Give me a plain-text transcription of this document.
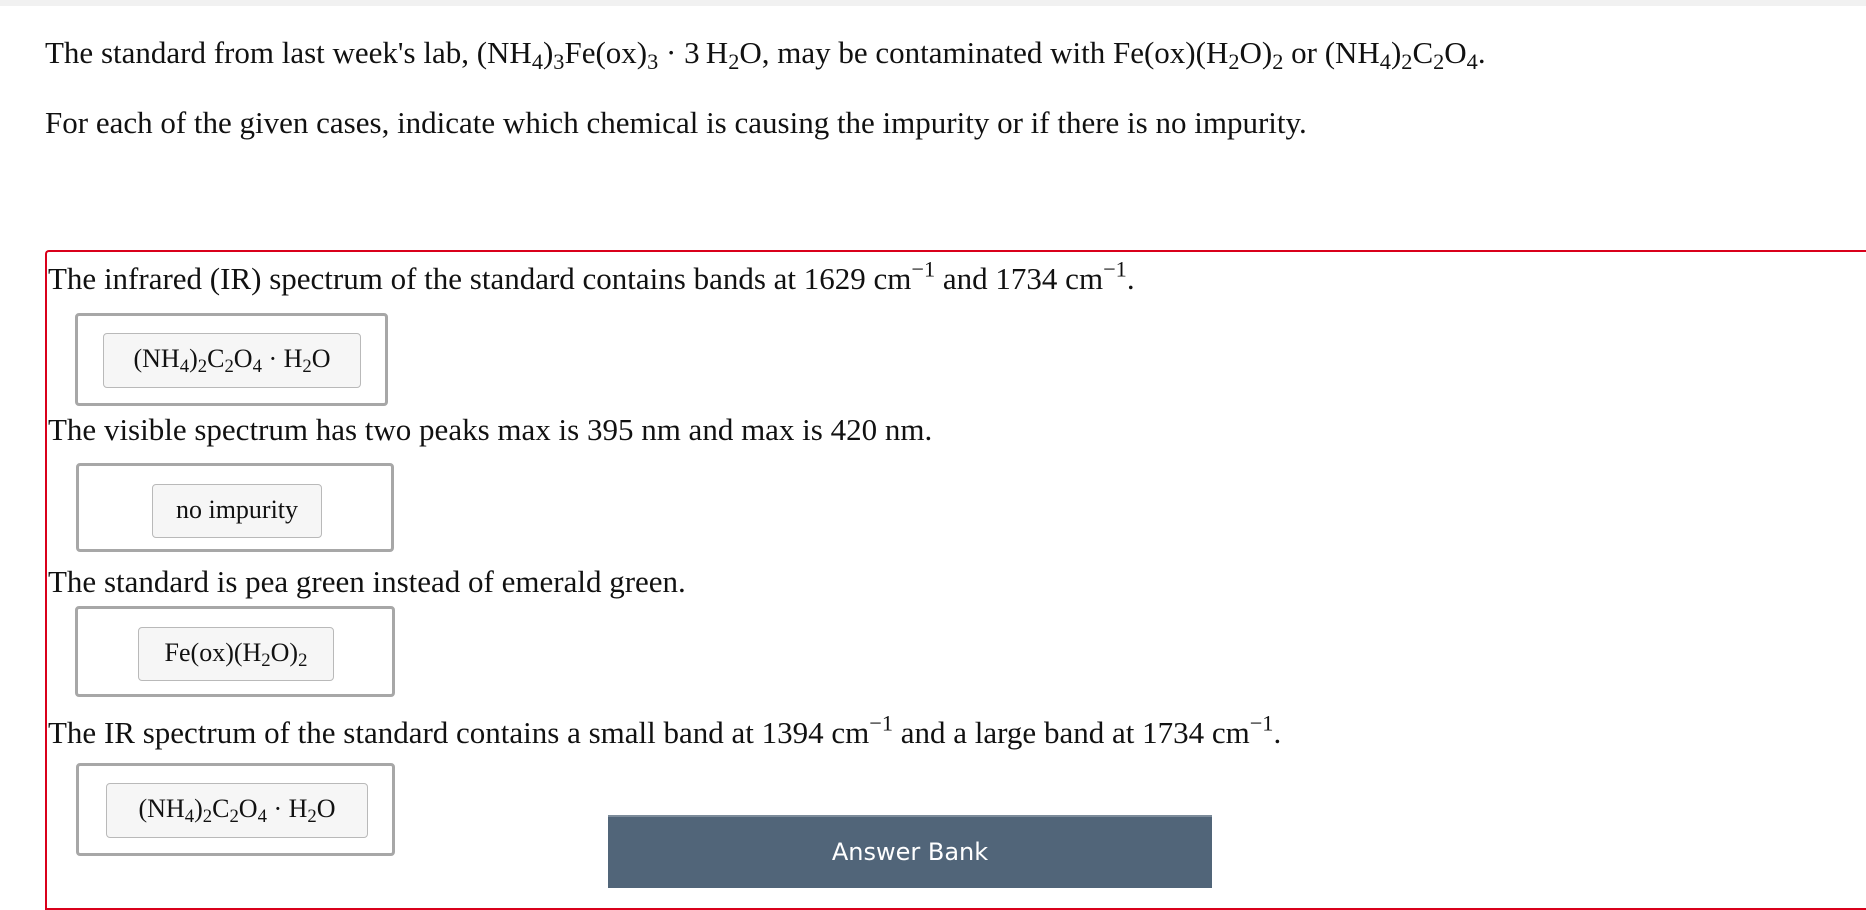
The standard from last week's lab, $(NH_4)_3Fe(ox)_3 \cdot 3$ $H_2O$, may be contaminated with $Fe(ox)(H_2O)_2$ or $(NH_4)_2C_2O_4$.
For each of the given cases, indicate which chemical is causing the impurity or if there is no impurity.
The infrared (IR) spectrum of the standard contains bands at 1629 $cm^{-1}$ and 1734 $cm^{-1}$.
$(NH_4)_2C_2O_4 \cdot H_2O$
The visible spectrum has two peaks max is 395 nm and max is 420 nm.
no impurity
The standard is pea green instead of emerald green.
$Fe(ox)(H_2O)_2$
The IR spectrum of the standard contains a small band at 1394 $cm^{-1}$ and a large band at 1734 $cm^{-1}$.
$(NH_4)_2C_2O_4 \cdot H_2O$
Answer Bank
